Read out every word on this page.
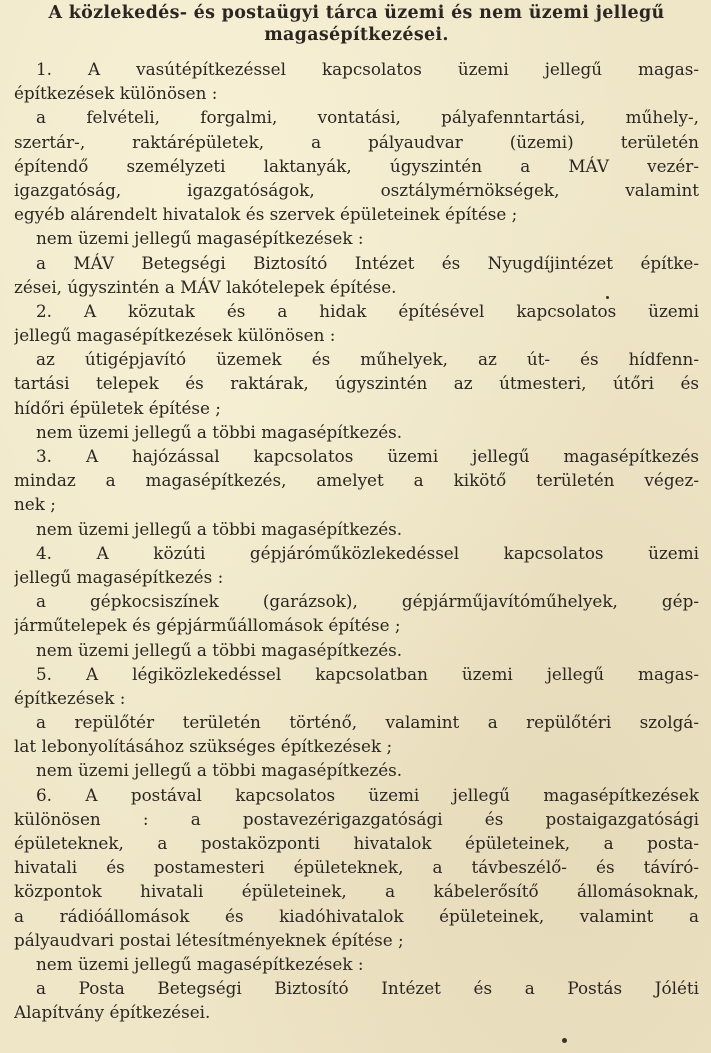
A közlekedés- és postaügyi tárca üzemi és nem üzemi jellegű
magasépítkezései.
1. A vasútépítkezéssel kapcsolatos üzemi jellegű magas-
építkezések különösen :
a felvételi, forgalmi, vontatási, pályafenntartási, műhely-,
szertár-, raktárépületek, a pályaudvar (üzemi) területén
építendő személyzeti laktanyák, úgyszintén a MÁV vezér-
igazgatóság, igazgatóságok, osztálymérnökségek, valamint
egyéb alárendelt hivatalok és szervek épületeinek építése ;
nem üzemi jellegű magasépítkezések :
a MÁV Betegségi Biztosító Intézet és Nyugdíjintézet építke-
zései, úgyszintén a MÁV lakótelepek építése.
2. A közutak és a hidak építésével kapcsolatos üzemi
jellegű magasépítkezések különösen :
az útigépjavító üzemek és műhelyek, az út- és hídfenn-
tartási telepek és raktárak, úgyszintén az útmesteri, útőri és
hídőri épületek építése ;
nem üzemi jellegű a többi magasépítkezés.
3. A hajózással kapcsolatos üzemi jellegű magasépítkezés
mindaz a magasépítkezés, amelyet a kikötő területén végez-
nek ;
nem üzemi jellegű a többi magasépítkezés.
4. A közúti gépjáróműközlekedéssel kapcsolatos üzemi
jellegű magasépítkezés :
a gépkocsiszínek (garázsok), gépjárműjavítóműhelyek, gép-
járműtelepek és gépjárműállomások építése ;
nem üzemi jellegű a többi magasépítkezés.
5. A légiközlekedéssel kapcsolatban üzemi jellegű magas-
építkezések :
a repülőtér területén történő, valamint a repülőtéri szolgá-
lat lebonyolításához szükséges építkezések ;
nem üzemi jellegű a többi magasépítkezés.
6. A postával kapcsolatos üzemi jellegű magasépítkezések
különösen : a postavezérigazgatósági és postaigazgatósági
épületeknek, a postaközponti hivatalok épületeinek, a posta-
hivatali és postamesteri épületeknek, a távbeszélő- és távíró-
központok hivatali épületeinek, a kábelerősítő állomásoknak,
a rádióállomások és kiadóhivatalok épületeinek, valamint a
pályaudvari postai létesítményeknek építése ;
nem üzemi jellegű magasépítkezések :
a Posta Betegségi Biztosító Intézet és a Postás Jóléti
Alapítvány építkezései.
